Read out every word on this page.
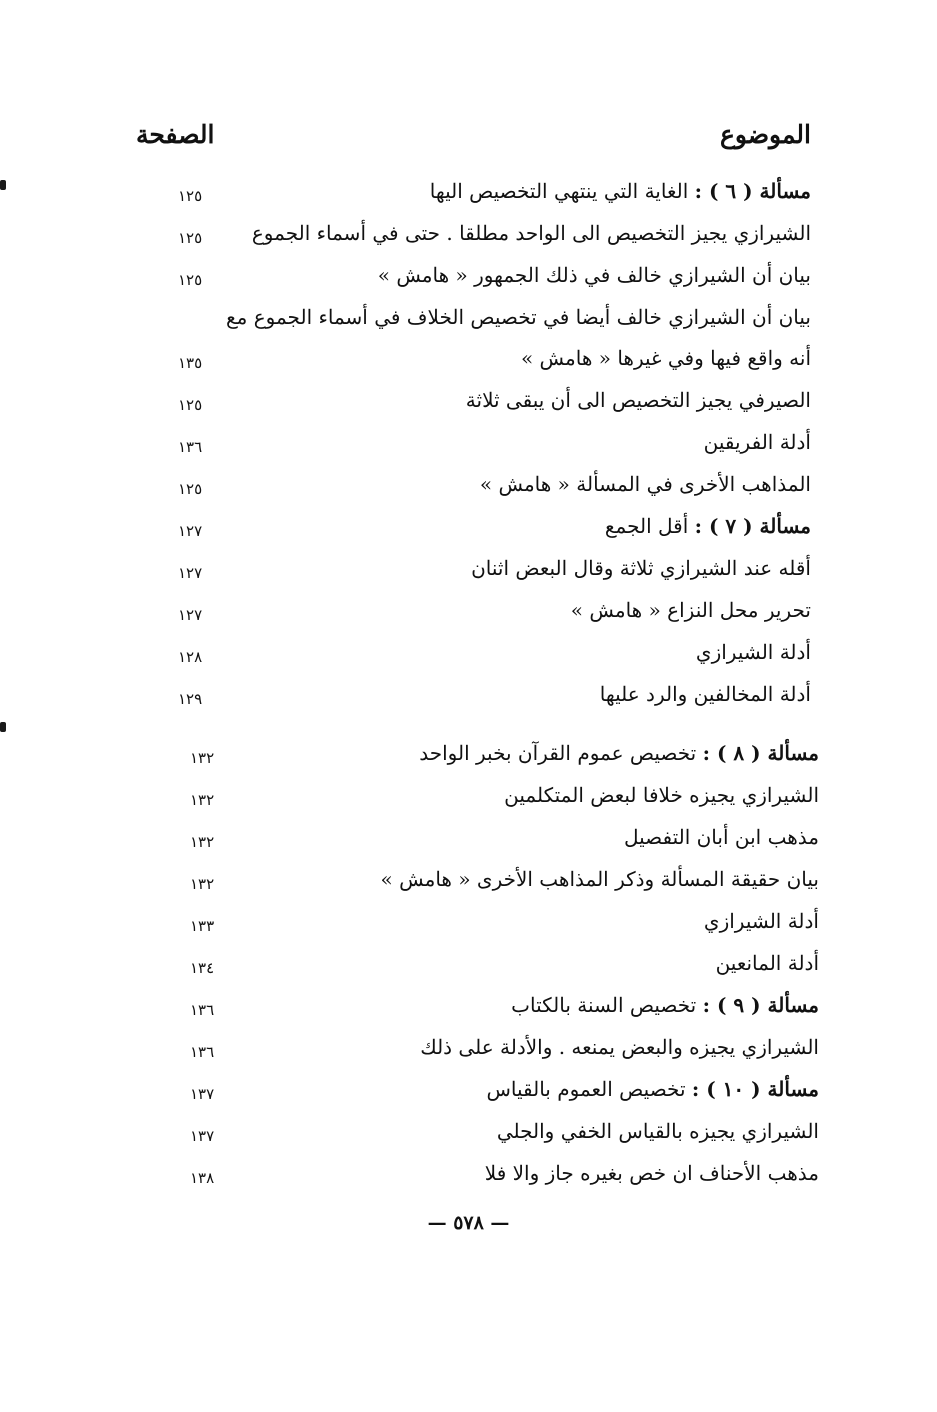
الموضوع
الصفحة
مسألة ( ٦ ) : الغاية التي ينتهي التخصيص اليها
١٢٥
الشيرازي يجيز التخصيص الى الواحد مطلقا . حتى في أسماء الجموع
١٢٥
بيان أن الشيرازي خالف في ذلك الجمهور « هامش »
١٢٥
بيان أن الشيرازي خالف أيضا في تخصيص الخلاف في أسماء الجموع مع
أنه واقع فيها وفي غيرها « هامش »
١٣٥
الصيرفي يجيز التخصيص الى أن يبقى ثلاثة
١٢٥
أدلة الفريقين
١٣٦
المذاهب الأخرى في المسألة « هامش »
١٢٥
مسألة ( ٧ ) : أقل الجمع
١٢٧
أقله عند الشيرازي ثلاثة وقال البعض اثنان
١٢٧
تحرير محل النزاع « هامش »
١٢٧
أدلة الشيرازي
١٢٨
أدلة المخالفين والرد عليها
١٢٩
مسألة ( ٨ ) : تخصيص عموم القرآن بخبر الواحد
١٣٢
الشيرازي يجيزه خلافا لبعض المتكلمين
١٣٢
مذهب ابن أبان التفصيل
١٣٢
بيان حقيقة المسألة وذكر المذاهب الأخرى « هامش »
١٣٢
أدلة الشيرازي
١٣٣
أدلة المانعين
١٣٤
مسألة ( ٩ ) : تخصيص السنة بالكتاب
١٣٦
الشيرازي يجيزه والبعض يمنعه . والأدلة على ذلك
١٣٦
مسألة ( ١٠ ) : تخصيص العموم بالقياس
١٣٧
الشيرازي يجيزه بالقياس الخفي والجلي
١٣٧
مذهب الأحناف ان خص بغيره جاز والا فلا
١٣٨
— ٥٧٨ —
